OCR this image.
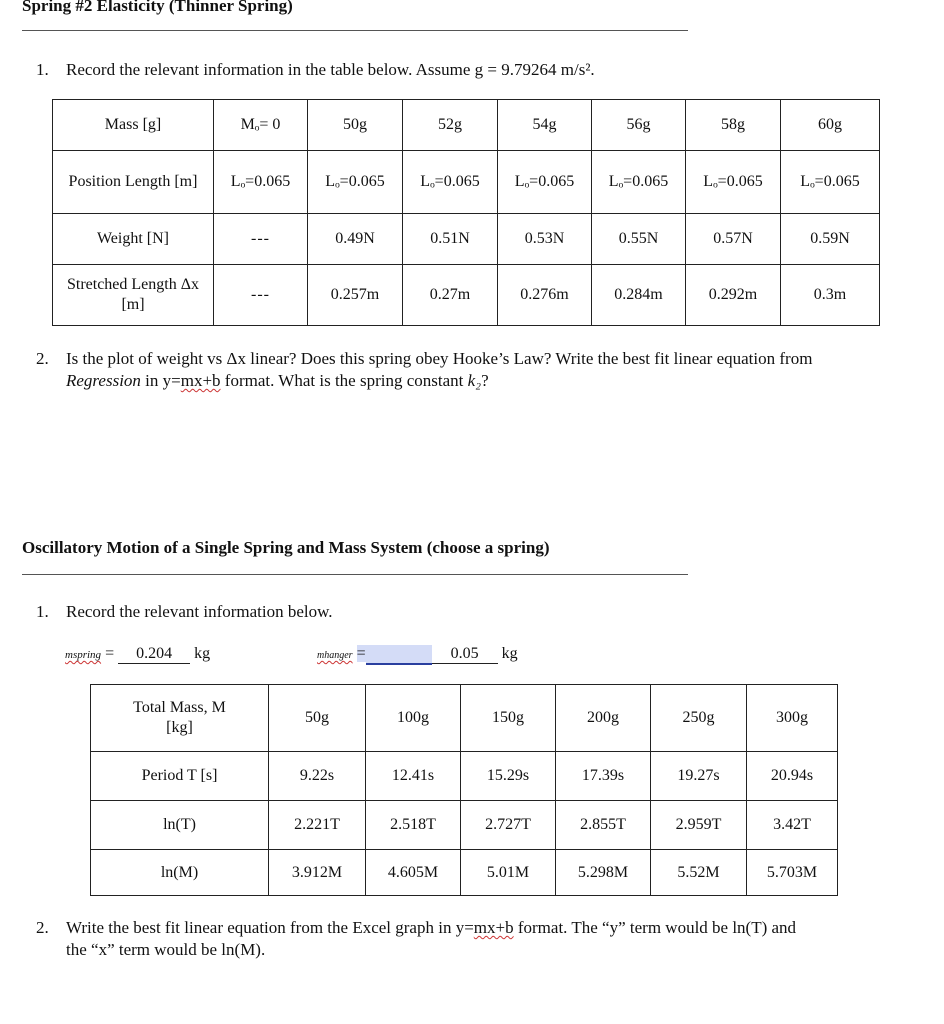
Spring #2 Elasticity (Thinner Spring)
1. Record the relevant information in the table below. Assume g = 9.79264 m/s².
Mass [g]	Mₒ= 0	50g	52g	54g	56g	58g	60g

Position Length [m]	Lₒ=0.065	Lₒ=0.065	Lₒ=0.065	Lₒ=0.065	Lₒ=0.065	Lₒ=0.065	Lₒ=0.065
Weight [N]	---	0.49N	0.51N	0.53N	0.55N	0.57N	0.59N

Stretched Length Δx [m]	---	0.257m	0.27m	0.276m	0.284m	0.292m	0.3m
2. Is the plot of weight vs Δx linear? Does this spring obey Hooke’s Law? Write the best fit linear equation from
Regression in y=mx+b format. What is the spring constant k₂?
Oscillatory Motion of a Single Spring and Mass System (choose a spring)
1. Record the relevant information below.
mspring = 0.204 kg	mhanger =	0.05 kg
Total Mass, M [kg]	50g	100g	150g	200g	250g	300g
Period T [s]	9.22s	12.41s	15.29s	17.39s	19.27s	20.94s
ln(T)	2.221T	2.518T	2.727T	2.855T	2.959T	3.42T
ln(M)	3.912M	4.605M	5.01M	5.298M	5.52M	5.703M
2. Write the best fit linear equation from the Excel graph in y=mx+b format. The “y” term would be ln(T) and
the “x” term would be ln(M).
